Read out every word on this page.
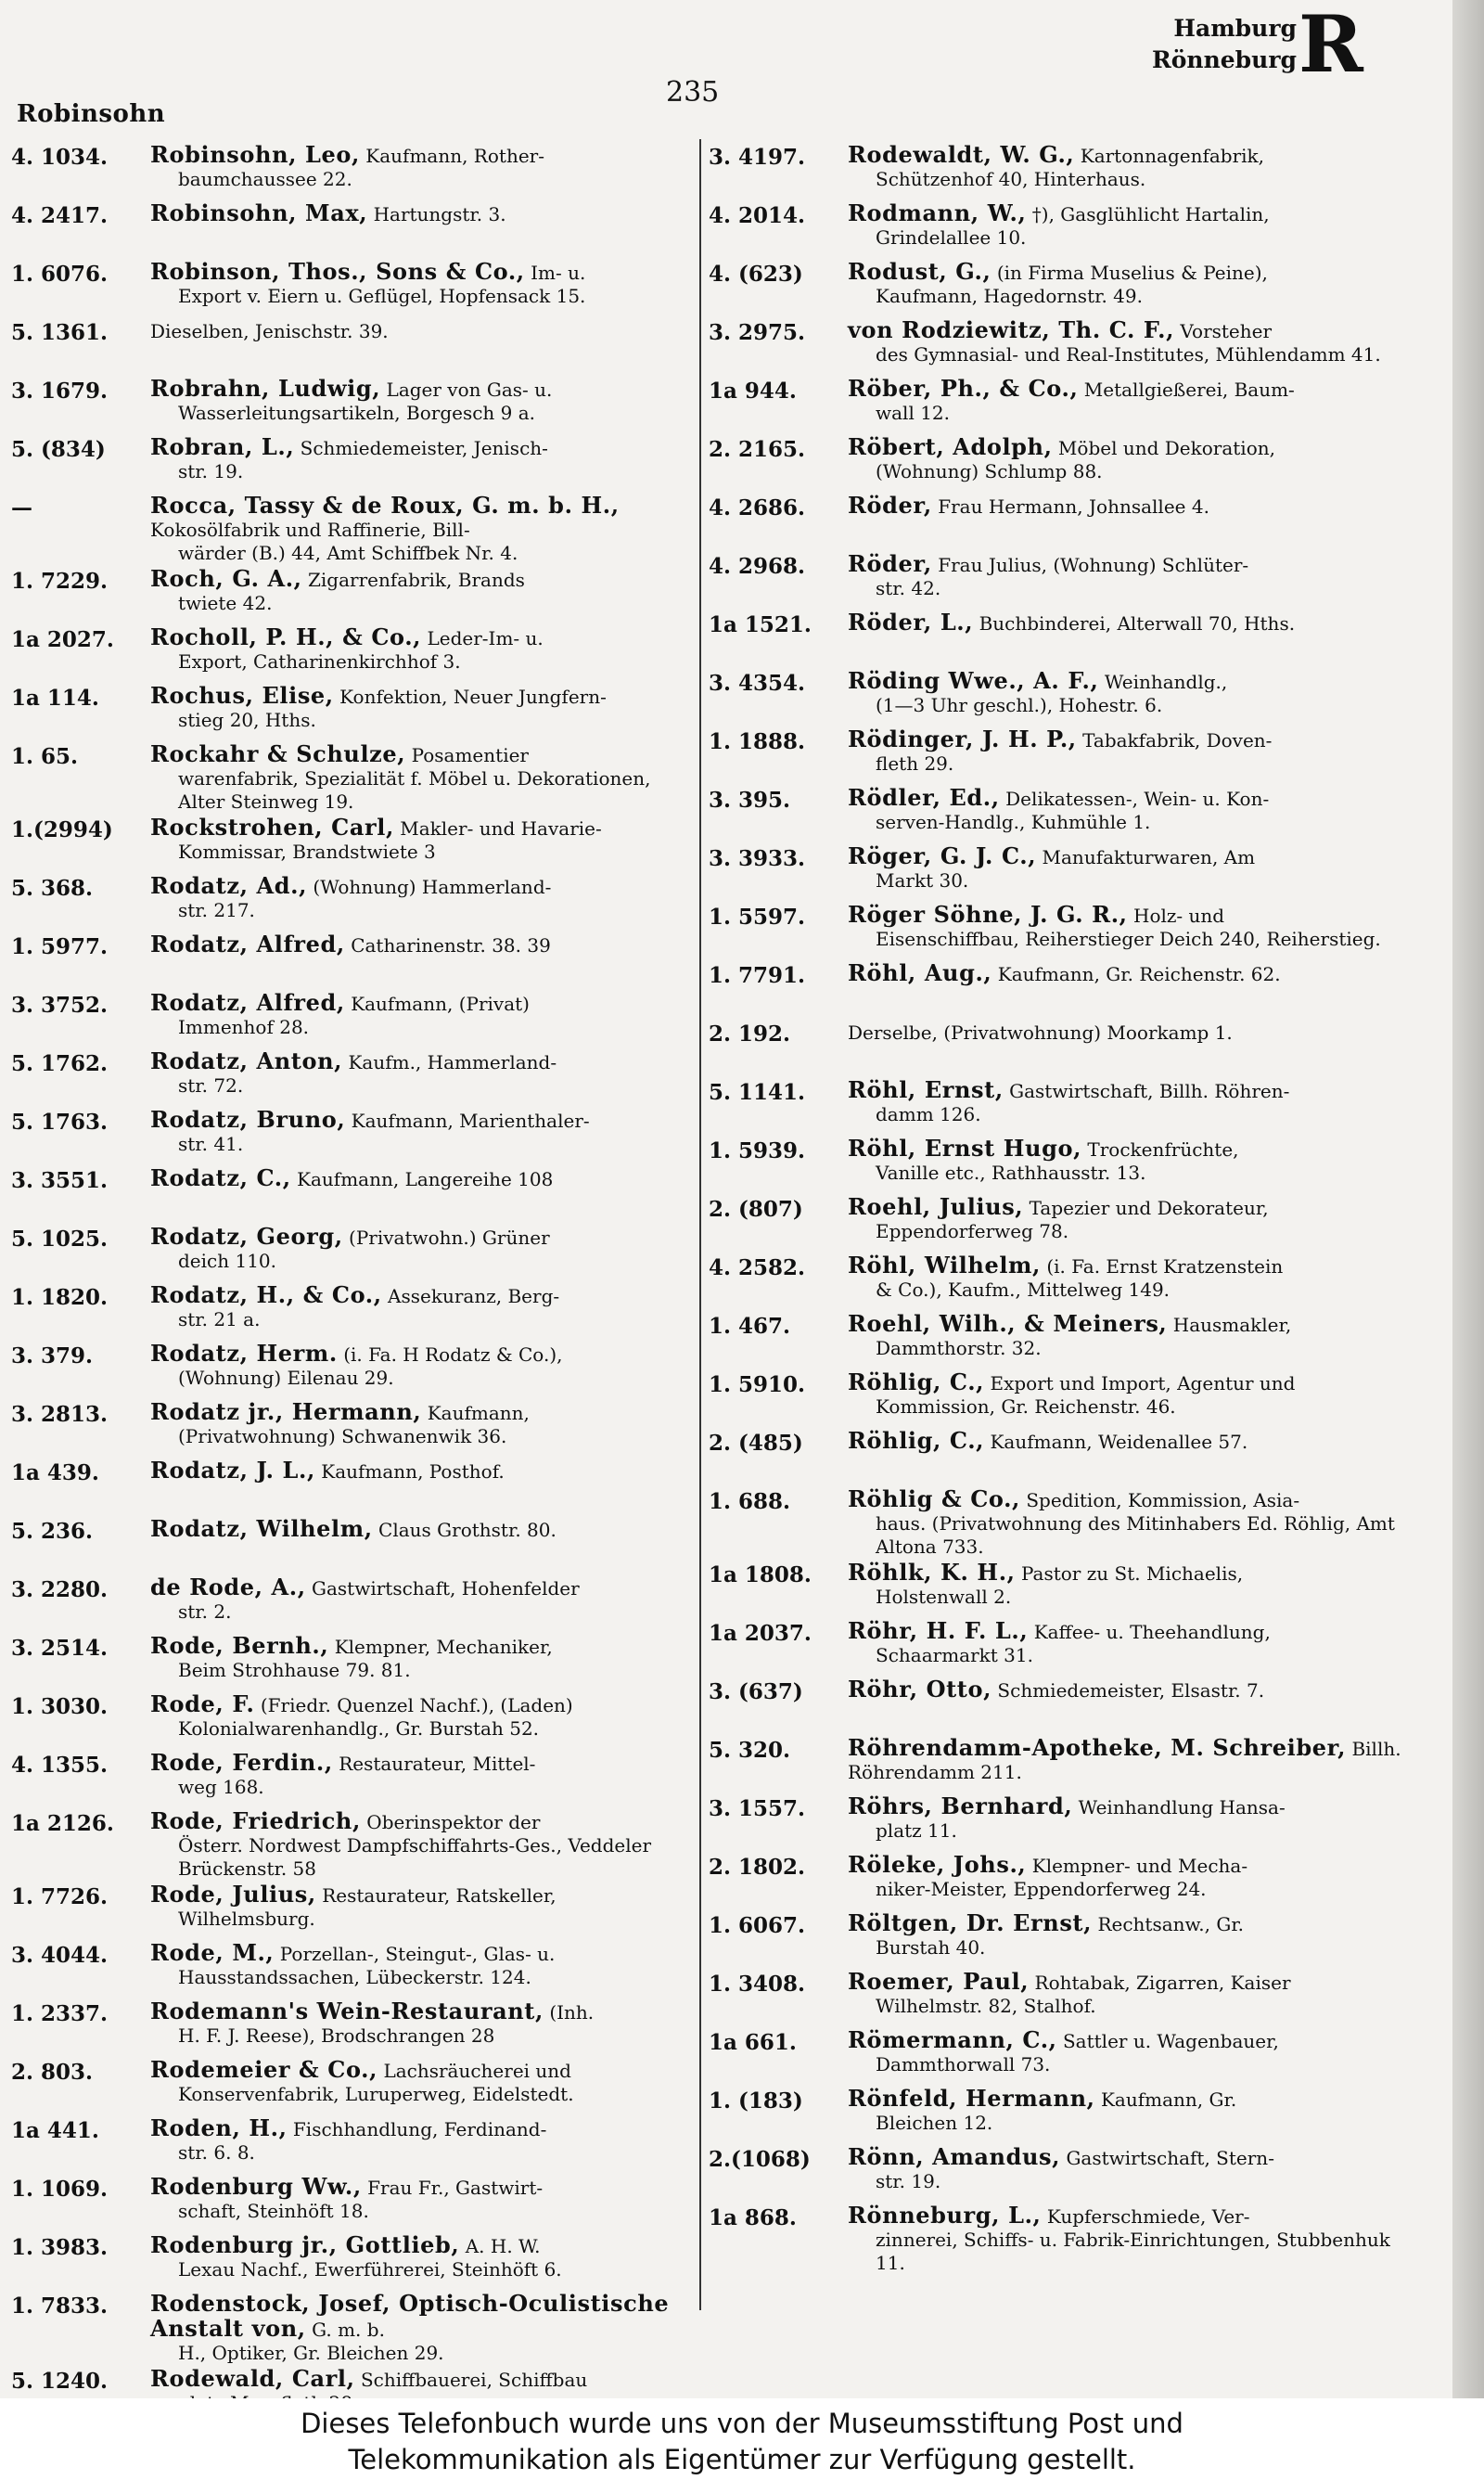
Robinsohn
235
Hamburg
Rönneburg R
4. 1034.	Robinsohn, Leo, Kaufmann, Rother-
baumchaussee 22.
4. 2417.	Robinsohn, Max, Hartungstr. 3.
1. 6076.	Robinson, Thos., Sons & Co., Im- u.
Export v. Eiern u. Geflügel, Hopfensack 15.
5. 1361.	Dieselben, Jenischstr. 39.
3. 1679.	Robrahn, Ludwig, Lager von Gas- u.
Wasserleitungsartikeln, Borgesch 9 a.
5. (834)	Robran, L., Schmiedemeister, Jenisch-
str. 19.
—	Rocca, Tassy & de Roux, G. m. b. H., Kokosölfabrik und Raffinerie, Bill-
wärder (B.) 44, Amt Schiffbek Nr. 4.
1. 7229.	Roch, G. A., Zigarrenfabrik, Brands
twiete 42.
1a 2027.	Rocholl, P. H., & Co., Leder-Im- u.
Export, Catharinenkirchhof 3.
1a 114.	Rochus, Elise, Konfektion, Neuer Jungfern-
stieg 20, Hths.
1. 65.	Rockahr & Schulze, Posamentier
warenfabrik, Spezialität f. Möbel u. Dekorationen, Alter Steinweg 19.
1.(2994)	Rockstrohen, Carl, Makler- und Havarie-
Kommissar, Brandstwiete 3
5. 368.	Rodatz, Ad., (Wohnung) Hammerland-
str. 217.
1. 5977.	Rodatz, Alfred, Catharinenstr. 38. 39
3. 3752.	Rodatz, Alfred, Kaufmann, (Privat)
Immenhof 28.
5. 1762.	Rodatz, Anton, Kaufm., Hammerland-
str. 72.
5. 1763.	Rodatz, Bruno, Kaufmann, Marienthaler-
str. 41.
3. 3551.	Rodatz, C., Kaufmann, Langereihe 108
5. 1025.	Rodatz, Georg, (Privatwohn.) Grüner
deich 110.
1. 1820.	Rodatz, H., & Co., Assekuranz, Berg-
str. 21 a.
3. 379.	Rodatz, Herm. (i. Fa. H Rodatz & Co.),
(Wohnung) Eilenau 29.
3. 2813.	Rodatz jr., Hermann, Kaufmann,
(Privatwohnung) Schwanenwik 36.
1a 439.	Rodatz, J. L., Kaufmann, Posthof.
5. 236.	Rodatz, Wilhelm, Claus Grothstr. 80.
3. 2280.	de Rode, A., Gastwirtschaft, Hohenfelder
str. 2.
3. 2514.	Rode, Bernh., Klempner, Mechaniker,
Beim Strohhause 79. 81.
1. 3030.	Rode, F. (Friedr. Quenzel Nachf.), (Laden)
Kolonialwarenhandlg., Gr. Burstah 52.
4. 1355.	Rode, Ferdin., Restaurateur, Mittel-
weg 168.
1a 2126.	Rode, Friedrich, Oberinspektor der
Österr. Nordwest Dampfschiffahrts-Ges., Veddeler Brückenstr. 58
1. 7726.	Rode, Julius, Restaurateur, Ratskeller,
Wilhelmsburg.
3. 4044.	Rode, M., Porzellan-, Steingut-, Glas- u.
Hausstandssachen, Lübeckerstr. 124.
1. 2337.	Rodemann's Wein-Restaurant, (Inh.
H. F. J. Reese), Brodschrangen 28
2. 803.	Rodemeier & Co., Lachsräucherei und
Konservenfabrik, Luruperweg, Eidelstedt.
1a 441.	Roden, H., Fischhandlung, Ferdinand-
str. 6. 8.
1. 1069.	Rodenburg Ww., Frau Fr., Gastwirt-
schaft, Steinhöft 18.
1. 3983.	Rodenburg jr., Gottlieb, A. H. W.
Lexau Nachf., Ewerführerei, Steinhöft 6.
1. 7833.	Rodenstock, Josef, Optisch-Oculistische Anstalt von, G. m. b.
H., Optiker, Gr. Bleichen 29.
5. 1240.	Rodewald, Carl, Schiffbauerei, Schiffbau
3. 4197.	Rodewaldt, W. G., Kartonnagenfabrik,
Schützenhof 40, Hinterhaus.
4. 2014.	Rodmann, W., †), Gasglühlicht Hartalin,
Grindelallee 10.
4. (623)	Rodust, G., (in Firma Muselius & Peine),
Kaufmann, Hagedornstr. 49.
3. 2975.	von Rodziewitz, Th. C. F., Vorsteher
des Gymnasial- und Real-Institutes, Mühlendamm 41.
1a 944.	Röber, Ph., & Co., Metallgießerei, Baum-
wall 12.
2. 2165.	Röbert, Adolph, Möbel und Dekoration,
(Wohnung) Schlump 88.
4. 2686.	Röder, Frau Hermann, Johnsallee 4.
4. 2968.	Röder, Frau Julius, (Wohnung) Schlüter-
str. 42.
1a 1521.	Röder, L., Buchbinderei, Alterwall 70, Hths.
3. 4354.	Röding Wwe., A. F., Weinhandlg.,
(1—3 Uhr geschl.), Hohestr. 6.
1. 1888.	Rödinger, J. H. P., Tabakfabrik, Doven-
fleth 29.
3. 395.	Rödler, Ed., Delikatessen-, Wein- u. Kon-
serven-Handlg., Kuhmühle 1.
3. 3933.	Röger, G. J. C., Manufakturwaren, Am
Markt 30.
1. 5597.	Röger Söhne, J. G. R., Holz- und
Eisenschiffbau, Reiherstieger Deich 240, Reiherstieg.
1. 7791.	Röhl, Aug., Kaufmann, Gr. Reichenstr. 62.
2. 192.	Derselbe, (Privatwohnung) Moorkamp 1.
5. 1141.	Röhl, Ernst, Gastwirtschaft, Billh. Röhren-
damm 126.
1. 5939.	Röhl, Ernst Hugo, Trockenfrüchte,
Vanille etc., Rathhausstr. 13.
2. (807)	Roehl, Julius, Tapezier und Dekorateur,
Eppendorferweg 78.
4. 2582.	Röhl, Wilhelm, (i. Fa. Ernst Kratzenstein
& Co.), Kaufm., Mittelweg 149.
1. 467.	Roehl, Wilh., & Meiners, Hausmakler,
Dammthorstr. 32.
1. 5910.	Röhlig, C., Export und Import, Agentur und
Kommission, Gr. Reichenstr. 46.
2. (485)	Röhlig, C., Kaufmann, Weidenallee 57.
1. 688.	Röhlig & Co., Spedition, Kommission, Asia-
haus. (Privatwohnung des Mitinhabers Ed. Röhlig, Amt Altona 733.
1a 1808.	Röhlk, K. H., Pastor zu St. Michaelis,
Holstenwall 2.
1a 2037.	Röhr, H. F. L., Kaffee- u. Theehandlung,
Schaarmarkt 31.
3. (637)	Röhr, Otto, Schmiedemeister, Elsastr. 7.
5. 320.	Röhrendamm-Apotheke, M. Schreiber, Billh. Röhrendamm 211.
3. 1557.	Röhrs, Bernhard, Weinhandlung Hansa-
platz 11.
2. 1802.	Röleke, Johs., Klempner- und Mecha-
niker-Meister, Eppendorferweg 24.
1. 6067.	Röltgen, Dr. Ernst, Rechtsanw., Gr.
Burstah 40.
1. 3408.	Roemer, Paul, Rohtabak, Zigarren, Kaiser
Wilhelmstr. 82, Stalhof.
1a 661.	Römermann, C., Sattler u. Wagenbauer,
Dammthorwall 73.
1. (183)	Rönfeld, Hermann, Kaufmann, Gr.
Bleichen 12.
2.(1068)	Rönn, Amandus, Gastwirtschaft, Stern-
str. 19.
1a 868.	Rönneburg, L., Kupferschmiede, Ver-
zinnerei, Schiffs- u. Fabrik-Einrichtungen, Stubbenhuk 11.
Dieses Telefonbuch wurde uns von der Museumsstiftung Post und
Telekommunikation als Eigentümer zur Verfügung gestellt.
